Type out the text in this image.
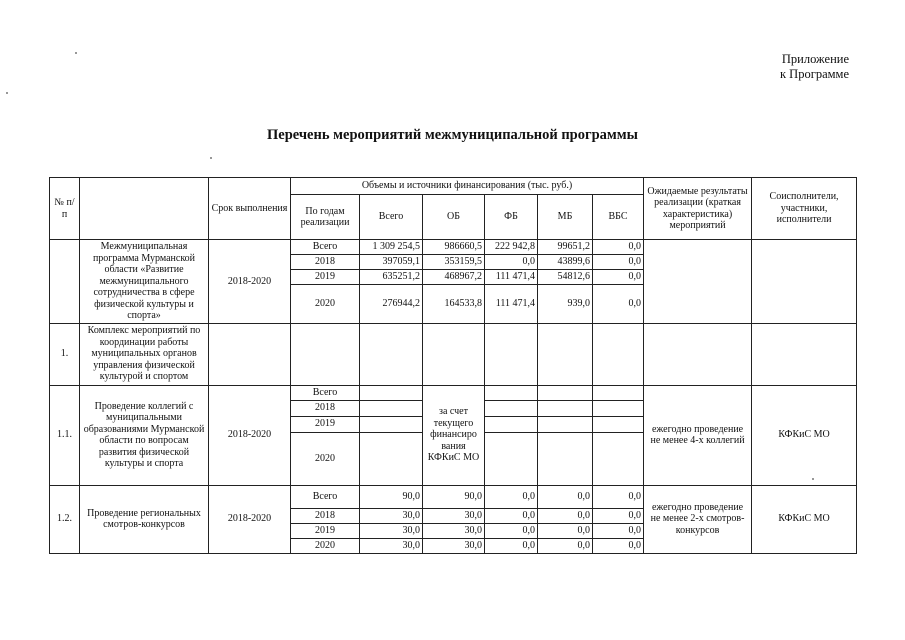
Приложение
к Программе
Перечень мероприятий межмуниципальной программы
№ п/п		Срок выполнения	Объемы и источники финансирования (тыс. руб.)						Ожидаемые результаты реализации (краткая характеристика) мероприятий	Соисполнители, участники, исполнители
			По годам реализации	Всего	ОБ	ФБ	МБ	ВБС		
	Межмуниципальная программа Мурманской области «Развитие межмуниципального сотрудничества в сфере физической культуры и спорта»	2018-2020	Всего	1 309 254,5	986660,5	222 942,8	99651,2	0,0		
			2018	397059,1	353159,5	0,0	43899,6	0,0		
			2019	635251,2	468967,2	111 471,4	54812,6	0,0		
			2020	276944,2	164533,8	111 471,4	939,0	0,0		
1.	Комплекс мероприятий по координации работы муниципальных органов управления физической культурой и спортом									
1.1.	Проведение коллегий с муниципальными образованиями Мурманской области по вопросам развития физической культуры и спорта	2018-2020	Всего		за счет текущего финансиро вания КФКиС МО				ежегодно проведение не менее 4-х коллегий	КФКиС МО
			2018							
			2019							
			2020							
1.2.	Проведение региональных смотров-конкурсов	2018-2020	Всего	90,0	90,0	0,0	0,0	0,0	ежегодно проведение не менее 2-х смотров-конкурсов	КФКиС МО
			2018	30,0	30,0	0,0	0,0	0,0		
			2019	30,0	30,0	0,0	0,0	0,0		
			2020	30,0	30,0	0,0	0,0	0,0		
